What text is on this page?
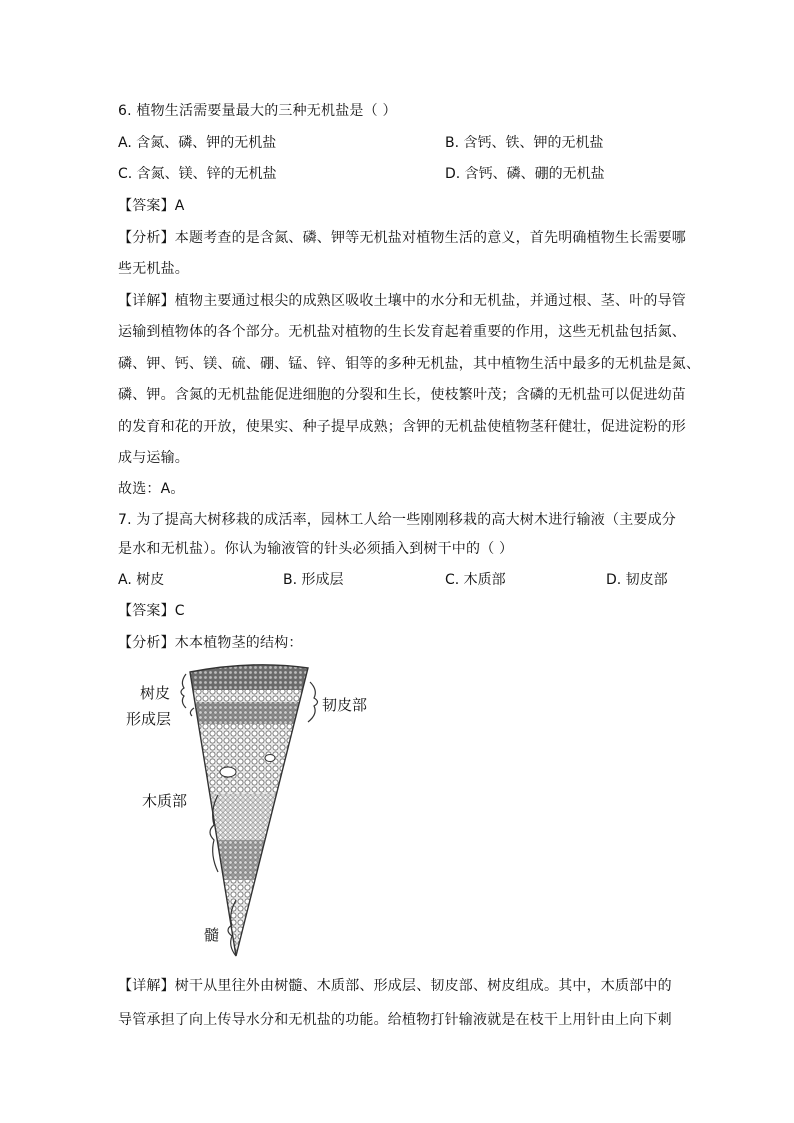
6. 植物生活需要量最大的三种无机盐是（ ）
A. 含氮、磷、钾的无机盐	B. 含钙、铁、钾的无机盐
C. 含氮、镁、锌的无机盐	D. 含钙、磷、硼的无机盐
【答案】A
【分析】本题考查的是含氮、磷、钾等无机盐对植物生活的意义，首先明确植物生长需要哪
些无机盐。
【详解】植物主要通过根尖的成熟区吸收土壤中的水分和无机盐，并通过根、茎、叶的导管
运输到植物体的各个部分。无机盐对植物的生长发育起着重要的作用，这些无机盐包括氮、
磷、钾、钙、镁、硫、硼、锰、锌、钼等的多种无机盐，其中植物生活中最多的无机盐是氮、
磷、钾。含氮的无机盐能促进细胞的分裂和生长，使枝繁叶茂；含磷的无机盐可以促进幼苗
的发育和花的开放，使果实、种子提早成熟；含钾的无机盐使植物茎秆健壮，促进淀粉的形
成与运输。
故选：A。
7. 为了提高大树移栽的成活率，园林工人给一些刚刚移栽的高大树木进行输液（主要成分
是水和无机盐）。你认为输液管的针头必须插入到树干中的（ ）
A. 树皮	B. 形成层	C. 木质部	D. 韧皮部
【答案】C
【分析】木本植物茎的结构：
树皮
形成层
韧皮部
木质部
髓
【详解】树干从里往外由树髓、木质部、形成层、韧皮部、树皮组成。其中，木质部中的
导管承担了向上传导水分和无机盐的功能。给植物打针输液就是在枝干上用针由上向下刺
